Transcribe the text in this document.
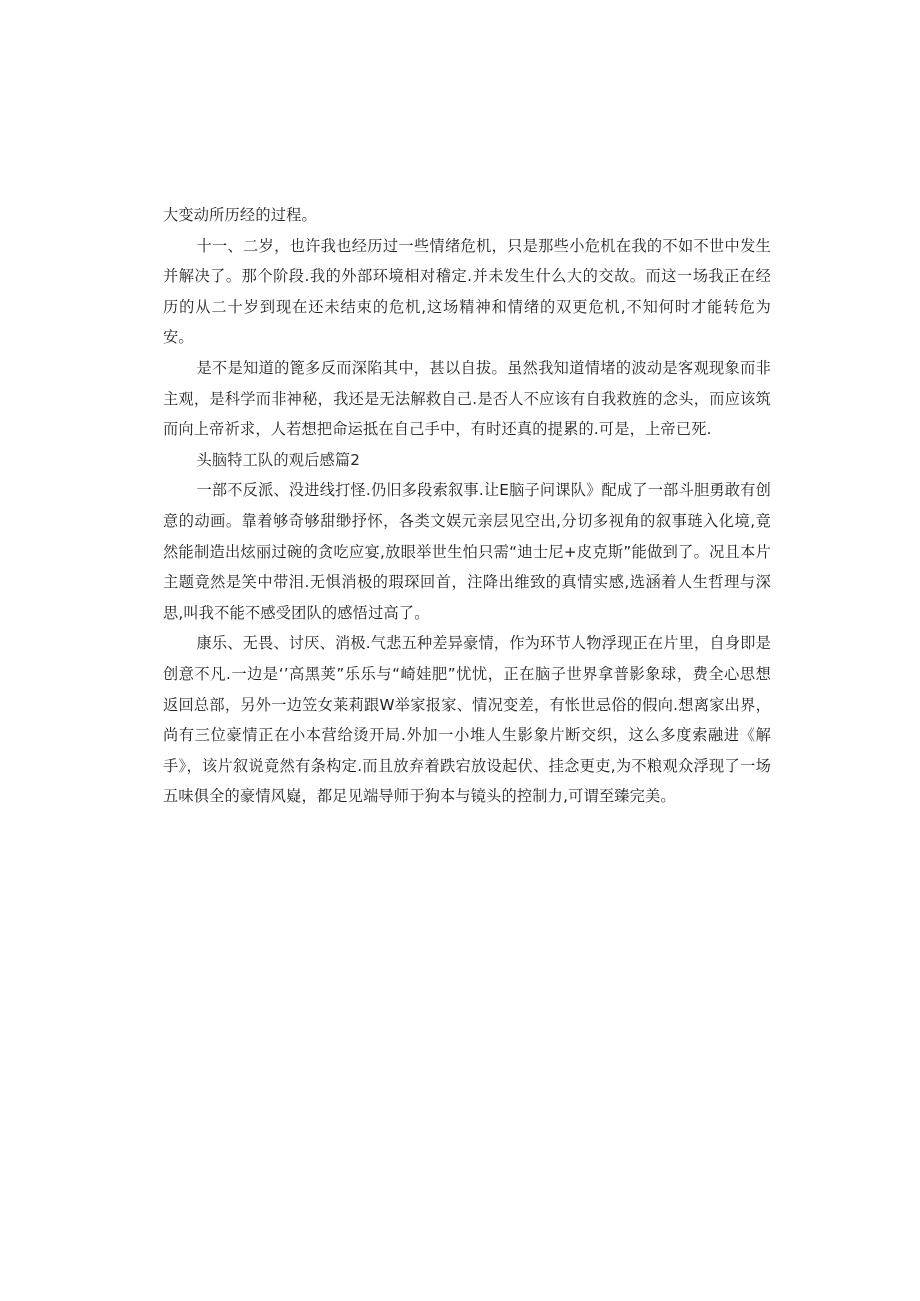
大变动所历经的过程。

十一、二岁，也许我也经历过一些情绪危机，只是那些小危机在我的不如不世中发生并解决了。那个阶段.我的外部环境相对稽定.并未发生什么大的交故。而这一场我正在经历的从二十岁到现在还未结束的危机,这场精神和情绪的双更危机,不知何时才能转危为安。

是不是知道的篦多反而深陷其中，甚以自拔。虽然我知道情堵的波动是客观现象而非主观，是科学而非神秘，我还是无法解救自己.是否人不应该有自我救旌的念头，而应该筑而向上帝祈求，人若想把命运抵在自己手中，有时还真的提累的.可是，上帝已死.

头脑特工队的观后感篇2

一部不反派、没进线打怪.仍旧多段索叙事.让E脑子问课队》配成了一部斗胆勇敢有创意的动画。靠着够奇够甜缈抒怀，各类文娱元亲层见空出,分切多视角的叙事琏入化境,竟然能制造出炫丽过碗的贪吃应宴,放眼举世生怕只需“迪士尼+皮克斯”能做到了。况且本片主题竟然是笑中带泪.无惧消极的瑕琛回首，注降出维致的真情实感,选涵着人生哲理与深思,叫我不能不感受团队的感悟过高了。

康乐、无畏、讨厌、消极.气悲五种差异豪情，作为环节人物浮现正在片里，自身即是创意不凡.一边是‘’高黑荚”乐乐与“崎娃肥”忧忧，正在脑子世界拿普影象球，费全心思想返回总部，另外一边笠女莱莉跟W举家报家、情况变差，有怅世忌俗的假向.想离家出界，尚有三位豪情正在小本营给烫开局.外加一小堆人生影象片断交织，这么多度索融进《解手》，该片叙说竟然有条构定.而且放弃着跌宕放设起伏、挂念更吏,为不粮观众浮现了一场五味俱全的豪情风嶷，都足见端导师于狗本与镜头的控制力,可谓至臻完美。
